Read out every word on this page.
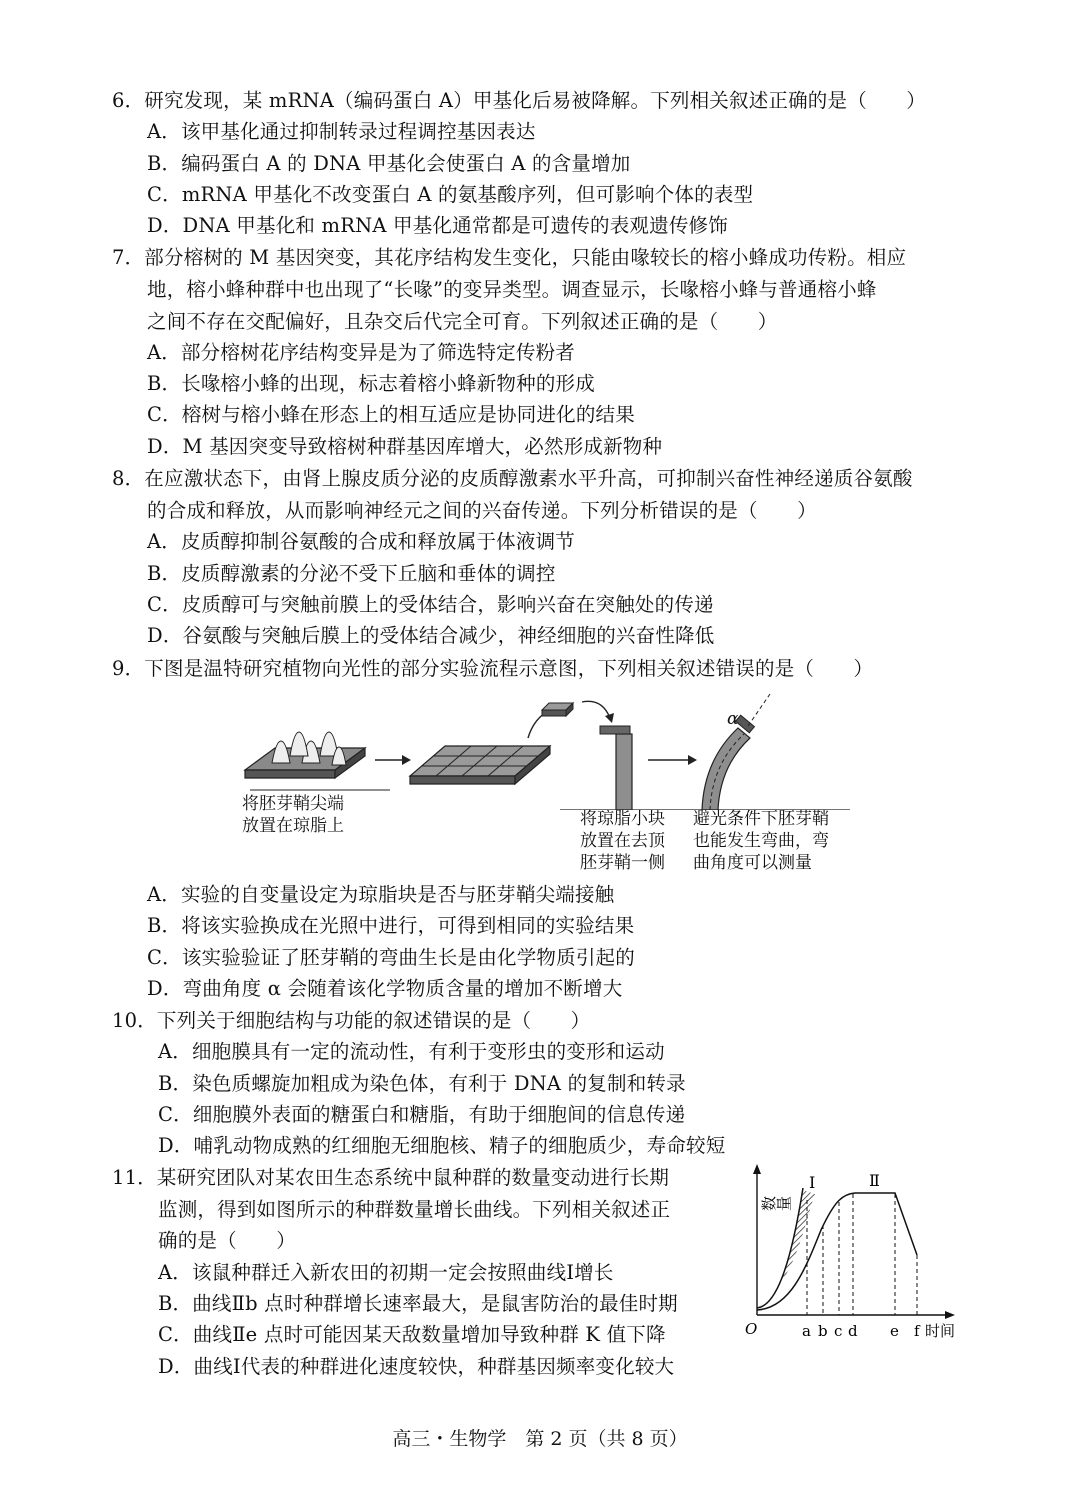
6．研究发现，某 mRNA（编码蛋白 A）甲基化后易被降解。下列相关叙述正确的是（　　）
A．该甲基化通过抑制转录过程调控基因表达
B．编码蛋白 A 的 DNA 甲基化会使蛋白 A 的含量增加
C．mRNA 甲基化不改变蛋白 A 的氨基酸序列，但可影响个体的表型
D．DNA 甲基化和 mRNA 甲基化通常都是可遗传的表观遗传修饰
7．部分榕树的 M 基因突变，其花序结构发生变化，只能由喙较长的榕小蜂成功传粉。相应
地，榕小蜂种群中也出现了“长喙”的变异类型。调查显示，长喙榕小蜂与普通榕小蜂
之间不存在交配偏好，且杂交后代完全可育。下列叙述正确的是（　　）
A．部分榕树花序结构变异是为了筛选特定传粉者
B．长喙榕小蜂的出现，标志着榕小蜂新物种的形成
C．榕树与榕小蜂在形态上的相互适应是协同进化的结果
D．M 基因突变导致榕树种群基因库增大，必然形成新物种
8．在应激状态下，由肾上腺皮质分泌的皮质醇激素水平升高，可抑制兴奋性神经递质谷氨酸
的合成和释放，从而影响神经元之间的兴奋传递。下列分析错误的是（　　）
A．皮质醇抑制谷氨酸的合成和释放属于体液调节
B．皮质醇激素的分泌不受下丘脑和垂体的调控
C．皮质醇可与突触前膜上的受体结合，影响兴奋在突触处的传递
D．谷氨酸与突触后膜上的受体结合减少，神经细胞的兴奋性降低
9．下图是温特研究植物向光性的部分实验流程示意图，下列相关叙述错误的是（　　）
α
将胚芽鞘尖端
放置在琼脂上	将琼脂小块
放置在去顶
胚芽鞘一侧
避光条件下胚芽鞘
也能发生弯曲，弯
曲角度可以测量
A．实验的自变量设定为琼脂块是否与胚芽鞘尖端接触
B．将该实验换成在光照中进行，可得到相同的实验结果
C．该实验验证了胚芽鞘的弯曲生长是由化学物质引起的
D．弯曲角度 α 会随着该化学物质含量的增加不断增大
10．下列关于细胞结构与功能的叙述错误的是（　　）
A．细胞膜具有一定的流动性，有利于变形虫的变形和运动
B．染色质螺旋加粗成为染色体，有利于 DNA 的复制和转录
C．细胞膜外表面的糖蛋白和糖脂，有助于细胞间的信息传递
D．哺乳动物成熟的红细胞无细胞核、精子的细胞质少，寿命较短
11．某研究团队对某农田生态系统中鼠种群的数量变动进行长期
监测，得到如图所示的种群数量增长曲线。下列相关叙述正
确的是（　　）
A．该鼠种群迁入新农田的初期一定会按照曲线Ⅰ增长
B．曲线Ⅱb 点时种群增长速率最大，是鼠害防治的最佳时期
C．曲线Ⅱe 点时可能因某天敌数量增加导致种群 K 值下降
D．曲线Ⅰ代表的种群进化速度较快，种群基因频率变化较大
Ⅰ	Ⅱ
数量
O	a b c d e f 时间
高三・生物学　第 2 页（共 8 页）
